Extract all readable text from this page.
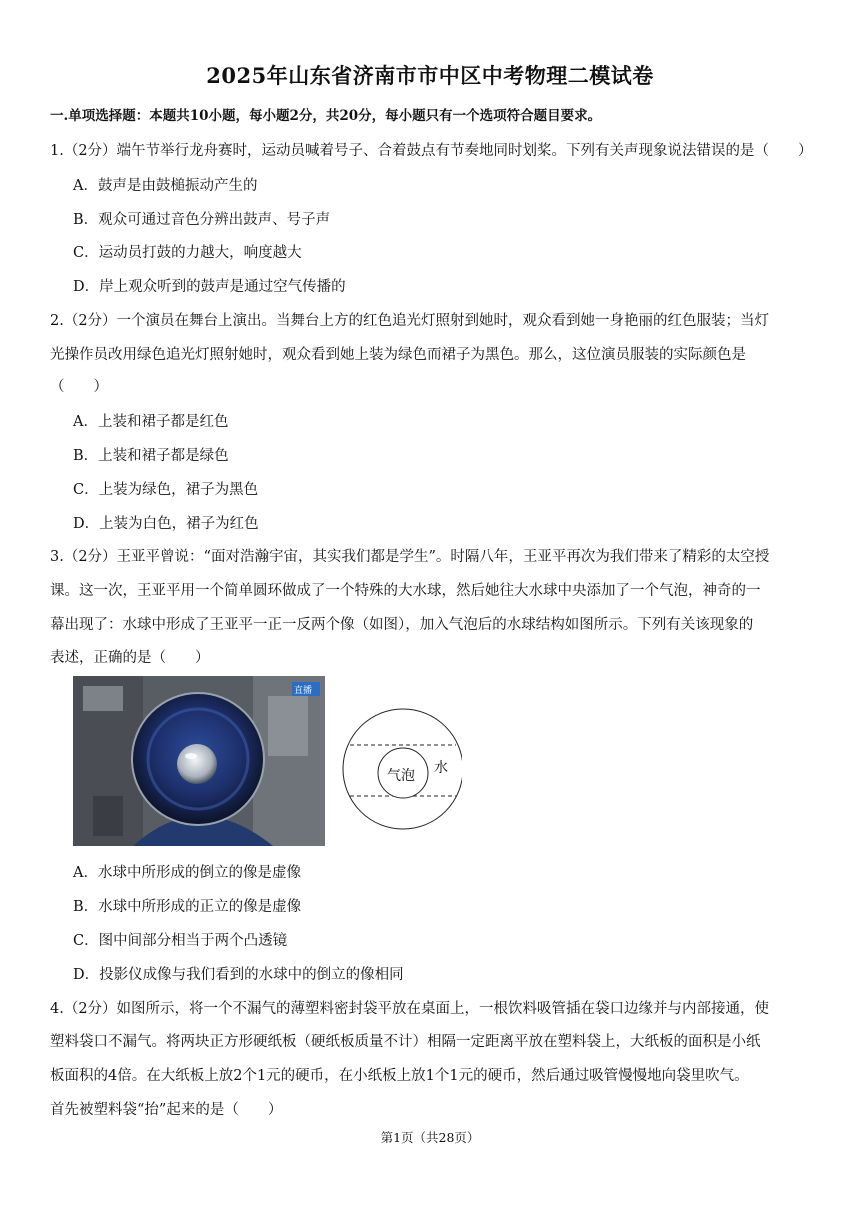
2025年山东省济南市市中区中考物理二模试卷
一.单项选择题：本题共10小题，每小题2分，共20分，每小题只有一个选项符合题目要求。
1.（2分）端午节举行龙舟赛时，运动员喊着号子、合着鼓点有节奏地同时划桨。下列有关声现象说法错误的是（　　）
A．鼓声是由鼓槌振动产生的
B．观众可通过音色分辨出鼓声、号子声
C．运动员打鼓的力越大，响度越大
D．岸上观众听到的鼓声是通过空气传播的
2.（2分）一个演员在舞台上演出。当舞台上方的红色追光灯照射到她时，观众看到她一身艳丽的红色服装；当灯
光操作员改用绿色追光灯照射她时，观众看到她上装为绿色而裙子为黑色。那么，这位演员服装的实际颜色是
（　　）
A．上装和裙子都是红色
B．上装和裙子都是绿色
C．上装为绿色，裙子为黑色
D．上装为白色，裙子为红色
3.（2分）王亚平曾说：“面对浩瀚宇宙，其实我们都是学生”。时隔八年，王亚平再次为我们带来了精彩的太空授
课。这一次，王亚平用一个简单圆环做成了一个特殊的大水球，然后她往大水球中央添加了一个气泡，神奇的一
幕出现了：水球中形成了王亚平一正一反两个像（如图），加入气泡后的水球结构如图所示。下列有关该现象的
表述，正确的是（　　）
直播
气泡 水
A．水球中所形成的倒立的像是虚像
B．水球中所形成的正立的像是虚像
C．图中间部分相当于两个凸透镜
D．投影仪成像与我们看到的水球中的倒立的像相同
4.（2分）如图所示，将一个不漏气的薄塑料密封袋平放在桌面上，一根饮料吸管插在袋口边缘并与内部接通，使
塑料袋口不漏气。将两块正方形硬纸板（硬纸板质量不计）相隔一定距离平放在塑料袋上，大纸板的面积是小纸
板面积的4倍。在大纸板上放2个1元的硬币，在小纸板上放1个1元的硬币，然后通过吸管慢慢地向袋里吹气。
首先被塑料袋“抬”起来的是（　　）
第1页（共28页）
